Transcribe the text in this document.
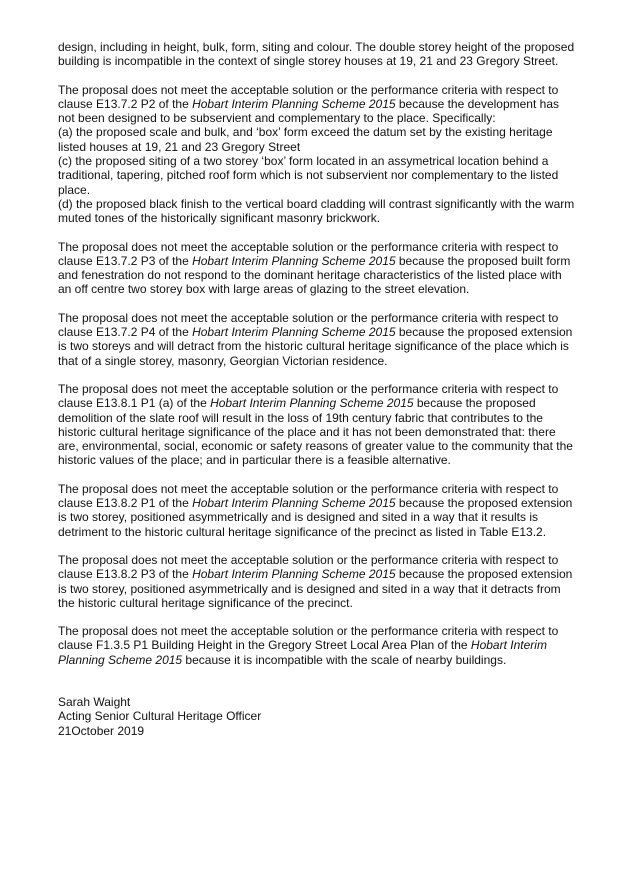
design, including in height, bulk, form, siting and colour. The double storey height of the proposed building is incompatible in the context of single storey houses at 19, 21 and 23 Gregory Street.

The proposal does not meet the acceptable solution or the performance criteria with respect to clause E13.7.2 P2 of the Hobart Interim Planning Scheme 2015 because the development has not been designed to be subservient and complementary to the place. Specifically:
(a) the proposed scale and bulk, and ‘box’ form exceed the datum set by the existing heritage listed houses at 19, 21 and 23 Gregory Street
(c) the proposed siting of a two storey ‘box’ form located in an assymetrical location behind a traditional, tapering, pitched roof form which is not subservient nor complementary to the listed place.
(d) the proposed black finish to the vertical board cladding will contrast significantly with the warm muted tones of the historically significant masonry brickwork.

The proposal does not meet the acceptable solution or the performance criteria with respect to clause E13.7.2 P3 of the Hobart Interim Planning Scheme 2015 because the proposed built form and fenestration do not respond to the dominant heritage characteristics of the listed place with an off centre two storey box with large areas of glazing to the street elevation.

The proposal does not meet the acceptable solution or the performance criteria with respect to clause E13.7.2 P4 of the Hobart Interim Planning Scheme 2015 because the proposed extension is two storeys and will detract from the historic cultural heritage significance of the place which is that of a single storey, masonry, Georgian Victorian residence.

The proposal does not meet the acceptable solution or the performance criteria with respect to clause E13.8.1 P1 (a) of the Hobart Interim Planning Scheme 2015 because the proposed demolition of the slate roof will result in the loss of 19th century fabric that contributes to the historic cultural heritage significance of the place and it has not been demonstrated that: there are, environmental, social, economic or safety reasons of greater value to the community that the historic values of the place; and in particular there is a feasible alternative.

The proposal does not meet the acceptable solution or the performance criteria with respect to clause E13.8.2 P1 of the Hobart Interim Planning Scheme 2015 because the proposed extension is two storey, positioned asymmetrically and is designed and sited in a way that it results is detriment to the historic cultural heritage significance of the precinct as listed in Table E13.2.

The proposal does not meet the acceptable solution or the performance criteria with respect to clause E13.8.2 P3 of the Hobart Interim Planning Scheme 2015 because the proposed extension is two storey, positioned asymmetrically and is designed and sited in a way that it detracts from the historic cultural heritage significance of the precinct.

The proposal does not meet the acceptable solution or the performance criteria with respect to clause F1.3.5 P1 Building Height in the Gregory Street Local Area Plan of the Hobart Interim Planning Scheme 2015 because it is incompatible with the scale of nearby buildings.

Sarah Waight
Acting Senior Cultural Heritage Officer
21October 2019
